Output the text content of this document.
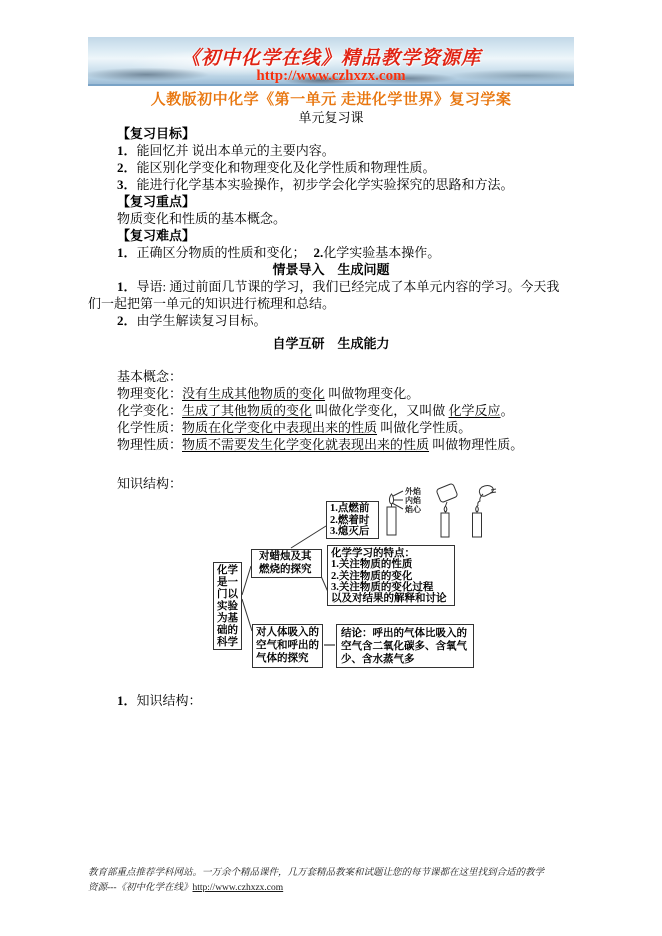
《初中化学在线》精品教学资源库
http://www.czhxzx.com
人教版初中化学《第一单元 走进化学世界》复习学案
单元复习课
【复习目标】
1．能回忆并 说出本单元的主要内容。
2．能区别化学变化和物理变化及化学性质和物理性质。
3．能进行化学基本实验操作，初步学会化学实验探究的思路和方法。
【复习重点】
物质变化和性质的基本概念。
【复习难点】
1．正确区分物质的性质和变化； 2.化学实验基本操作。
情景导入　生成问题
1．导语: 通过前面几节课的学习，我们已经完成了本单元内容的学习。今天我
们一起把第一单元的知识进行梳理和总结。
2．由学生解读复习目标。
自学互研　生成能力
基本概念：
物理变化：没有生成其他物质的变化 叫做物理变化。
化学变化：生成了其他物质的变化 叫做化学变化，又叫做 化学反应。
化学性质：物质在化学变化中表现出来的性质 叫做化学性质。
物理性质：物质不需要发生化学变化就表现出来的性质 叫做物理性质。
知识结构：
1．知识结构：
外焰
内焰
焰心
化学是一门以实验为基础的科学
1.点燃前
2.燃着时
3.熄灭后
对蜡烛及其燃烧的探究
化学学习的特点：
1.关注物质的性质
2.关注物质的变化
3.关注物质的变化过程
以及对结果的解释和讨论
对人体吸入的空气和呼出的气体的探究
结论：呼出的气体比吸入的空气含二氧化碳多、含氧气少、含水蒸气多
教育部重点推荐学科网站。一万余个精品课件，几万套精品教案和试题让您的每节课都在这里找到合适的教学
资源---《初中化学在线》http://www.czhxzx.com
